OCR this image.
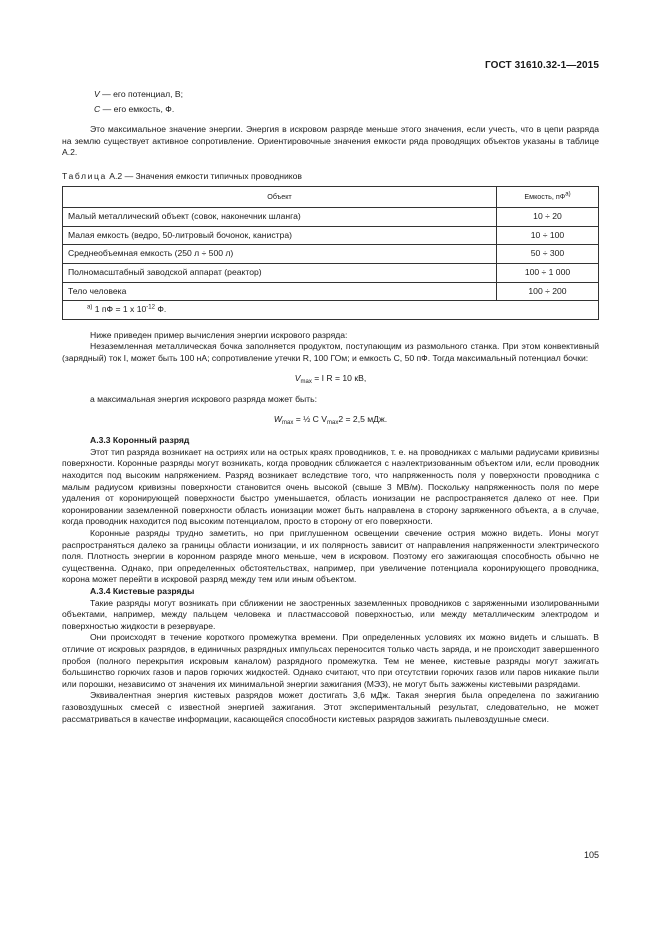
ГОСТ 31610.32-1—2015
V — его потенциал, В;
C — его емкость, Ф.

Это максимальное значение энергии. Энергия в искровом разряде меньше этого значения, если учесть, что в цепи разряда на землю существует активное сопротивление. Ориентировочные значения емкости ряда проводящих объектов указаны в таблице А.2.

Таблица А.2 — Значения емкости типичных проводников
Объект	Емкость, $пФ^{а)}$
Малый металлический объект (совок, наконечник шланга)	10 ÷ 20
Малая емкость (ведро, 50-литровый бочонок, канистра)	10 ÷ 100
Среднеобъемная емкость (250 л ÷ 500 л)	50 ÷ 300
Полномасштабный заводской аппарат (реактор)	100 ÷ 1 000
Тело человека	100 ÷ 200
$^{а)}$ 1 пФ = 1 x $10^{-12}$ Ф.	

Ниже приведен пример вычисления энергии искрового разряда:

Незаземленная металлическая бочка заполняется продуктом, поступающим из размольного станка. При этом конвективный (зарядный) ток I, может быть 100 нА; сопротивление утечки R, 100 ГОм; и емкость C, 50 пФ. Тогда максимальный потенциал бочки:

$V_{max} = I$ R = 10 кВ,

а максимальная энергия искрового разряда может быть:

$W_{max}$ = ½ C $V_{max}2 = 2,5$ мДж.
А.3.3 Коронный разряд

Этот тип разряда возникает на остриях или на острых краях проводников, т. е. на проводниках с малыми радиусами кривизны поверхности. Коронные разряды могут возникать, когда проводник сближается с наэлектризованным объектом или, если проводник находится под высоким напряжением. Разряд возникает вследствие того, что напряженность поля у поверхности проводника с малым радиусом кривизны поверхности становится очень высокой (свыше 3 МВ/м). Поскольку напряженность поля по мере удаления от коронирующей поверхности быстро уменьшается, область ионизации не распространяется далеко от нее. При коронировании заземленной поверхности область ионизации может быть направлена в сторону заряженного объекта, а в случае, когда проводник находится под высоким потенциалом, просто в сторону от его поверхности.

Коронные разряды трудно заметить, но при приглушенном освещении свечение острия можно видеть. Ионы могут распространяться далеко за границы области ионизации, и их полярность зависит от направления напряженности электрического поля. Плотность энергии в коронном разряде много меньше, чем в искровом. Поэтому его зажигающая способность обычно не существенна. Однако, при определенных обстоятельствах, например, при увеличение потенциала коронирующего проводника, корона может перейти в искровой разряд между тем или иным объектом.

А.3.4 Кистевые разряды

Такие разряды могут возникать при сближении не заостренных заземленных проводников с заряженными изолированными объектами, например, между пальцем человека и пластмассовой поверхностью, или между металлическим электродом и поверхностью жидкости в резервуаре.

Они происходят в течение короткого промежутка времени. При определенных условиях их можно видеть и слышать. В отличие от искровых разрядов, в единичных разрядных импульсах переносится только часть заряда, и не происходит завершенного пробоя (полного перекрытия искровым каналом) разрядного промежутка. Тем не менее, кистевые разряды могут зажигать большинство горючих газов и паров горючих жидкостей. Однако считают, что при отсутствии горючих газов или паров никакие пыли или порошки, независимо от значения их минимальной энергии зажигания (МЭЗ), не могут быть зажжены кистевыми разрядами.

Эквивалентная энергия кистевых разрядов может достигать 3,6 мДж. Такая энергия была определена по зажиганию газовоздушных смесей с известной энергией зажигания. Этот экспериментальный результат, следовательно, не может рассматриваться в качестве информации, касающейся способности кистевых разрядов зажигать пылевоздушные смеси.

105
